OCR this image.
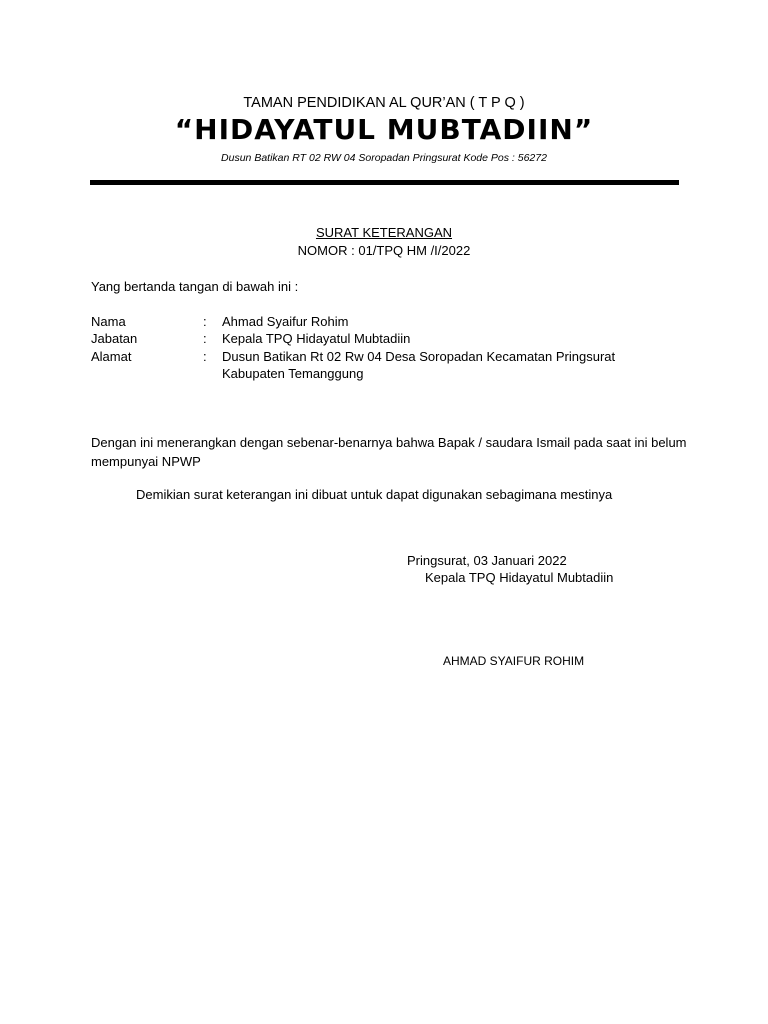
TAMAN PENDIDIKAN AL QUR’AN ( T P Q )
“HIDAYATUL MUBTADIIN”
Dusun Batikan RT 02 RW 04 Soropadan Pringsurat Kode Pos : 56272
SURAT KETERANGAN
NOMOR : 01/TPQ HM /I/2022
Yang bertanda tangan di bawah ini :
Nama	: Ahmad Syaifur Rohim
Jabatan	: Kepala TPQ Hidayatul Mubtadiin
Alamat	: Dusun Batikan Rt 02 Rw 04 Desa Soropadan Kecamatan Pringsurat
Kabupaten Temanggung
Dengan ini menerangkan dengan sebenar-benarnya bahwa Bapak / saudara Ismail pada saat ini belum mempunyai NPWP
Demikian surat keterangan ini dibuat untuk dapat digunakan sebagimana mestinya
Pringsurat, 03 Januari 2022
Kepala TPQ Hidayatul Mubtadiin
AHMAD SYAIFUR ROHIM
